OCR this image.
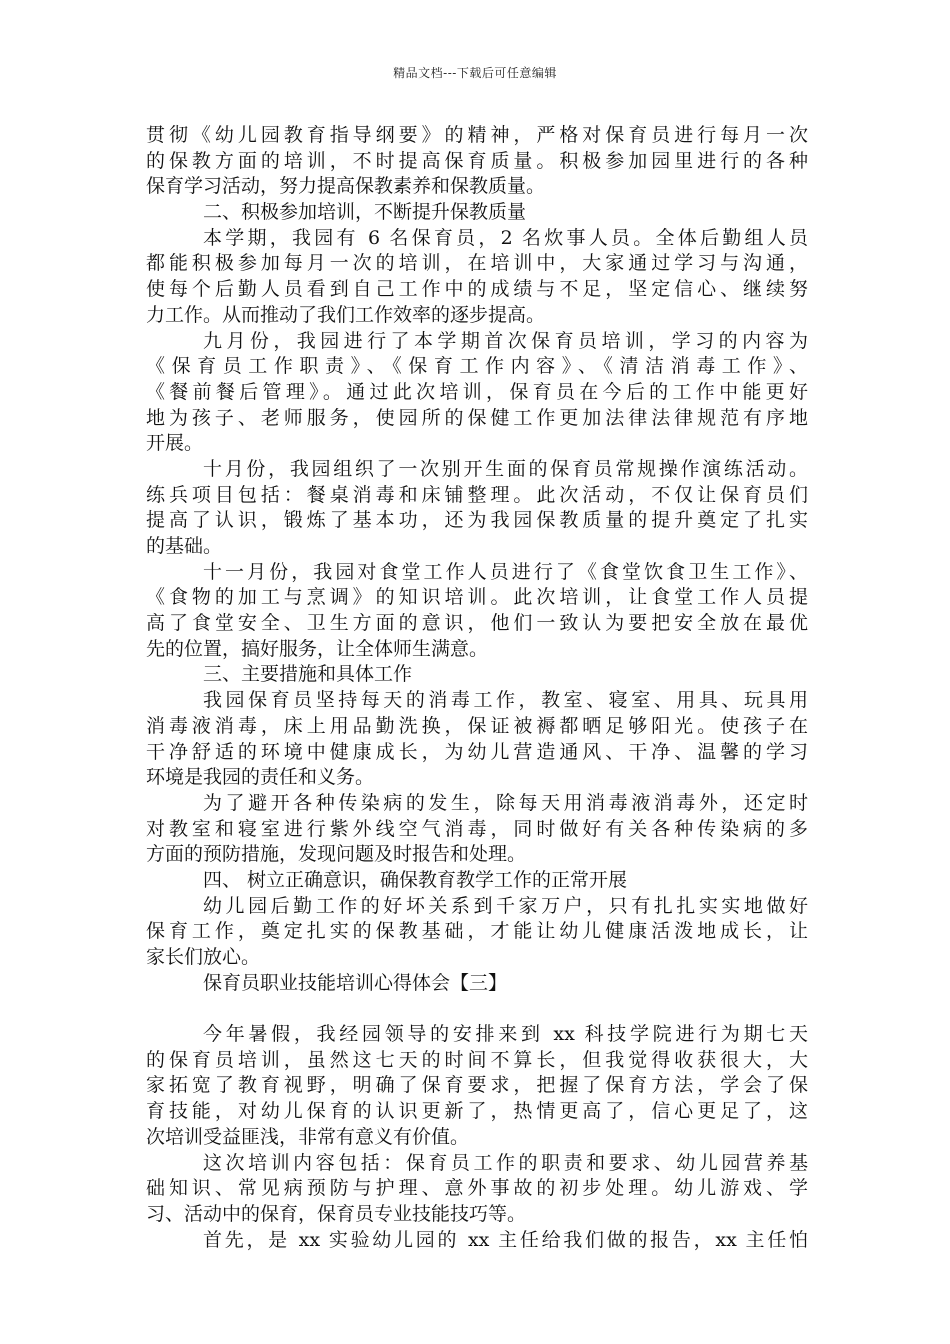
精品文档---下载后可任意编辑
贯彻《幼儿园教育指导纲要》的精神，严格对保育员进行每月一次
的保教方面的培训，不时提高保育质量。积极参加园里进行的各种
保育学习活动，努力提高保教素养和保教质量。
二、积极参加培训，不断提升保教质量
本学期，我园有 6 名保育员，2 名炊事人员。全体后勤组人员
都能积极参加每月一次的培训，在培训中，大家通过学习与沟通，
使每个后勤人员看到自己工作中的成绩与不足，坚定信心、继续努
力工作。从而推动了我们工作效率的逐步提高。
九月份，我园进行了本学期首次保育员培训，学习的内容为
《保育员工作职责》、《保育工作内容》、《清洁消毒工作》、
《餐前餐后管理》。通过此次培训，保育员在今后的工作中能更好
地为孩子、老师服务，使园所的保健工作更加法律法律规范有序地
开展。
十月份，我园组织了一次别开生面的保育员常规操作演练活动。
练兵项目包括：餐桌消毒和床铺整理。此次活动，不仅让保育员们
提高了认识，锻炼了基本功，还为我园保教质量的提升奠定了扎实
的基础。
十一月份，我园对食堂工作人员进行了《食堂饮食卫生工作》、
《食物的加工与烹调》的知识培训。此次培训，让食堂工作人员提
高了食堂安全、卫生方面的意识，他们一致认为要把安全放在最优
先的位置，搞好服务，让全体师生满意。
三、主要措施和具体工作
我园保育员坚持每天的消毒工作，教室、寝室、用具、玩具用
消毒液消毒，床上用品勤洗换，保证被褥都晒足够阳光。使孩子在
干净舒适的环境中健康成长，为幼儿营造通风、干净、温馨的学习
环境是我园的责任和义务。
为了避开各种传染病的发生，除每天用消毒液消毒外，还定时
对教室和寝室进行紫外线空气消毒，同时做好有关各种传染病的多
方面的预防措施，发现问题及时报告和处理。
四、 树立正确意识，确保教育教学工作的正常开展
幼儿园后勤工作的好坏关系到千家万户，只有扎扎实实地做好
保育工作，奠定扎实的保教基础，才能让幼儿健康活泼地成长，让
家长们放心。
保育员职业技能培训心得体会【三】
今年暑假，我经园领导的安排来到 xx 科技学院进行为期七天
的保育员培训，虽然这七天的时间不算长，但我觉得收获很大，大
家拓宽了教育视野，明确了保育要求，把握了保育方法，学会了保
育技能，对幼儿保育的认识更新了，热情更高了，信心更足了，这
次培训受益匪浅，非常有意义有价值。
这次培训内容包括：保育员工作的职责和要求、幼儿园营养基
础知识、常见病预防与护理、意外事故的初步处理。幼儿游戏、学
习、活动中的保育，保育员专业技能技巧等。
首先，是 xx 实验幼儿园的 xx 主任给我们做的报告，xx 主任怕
